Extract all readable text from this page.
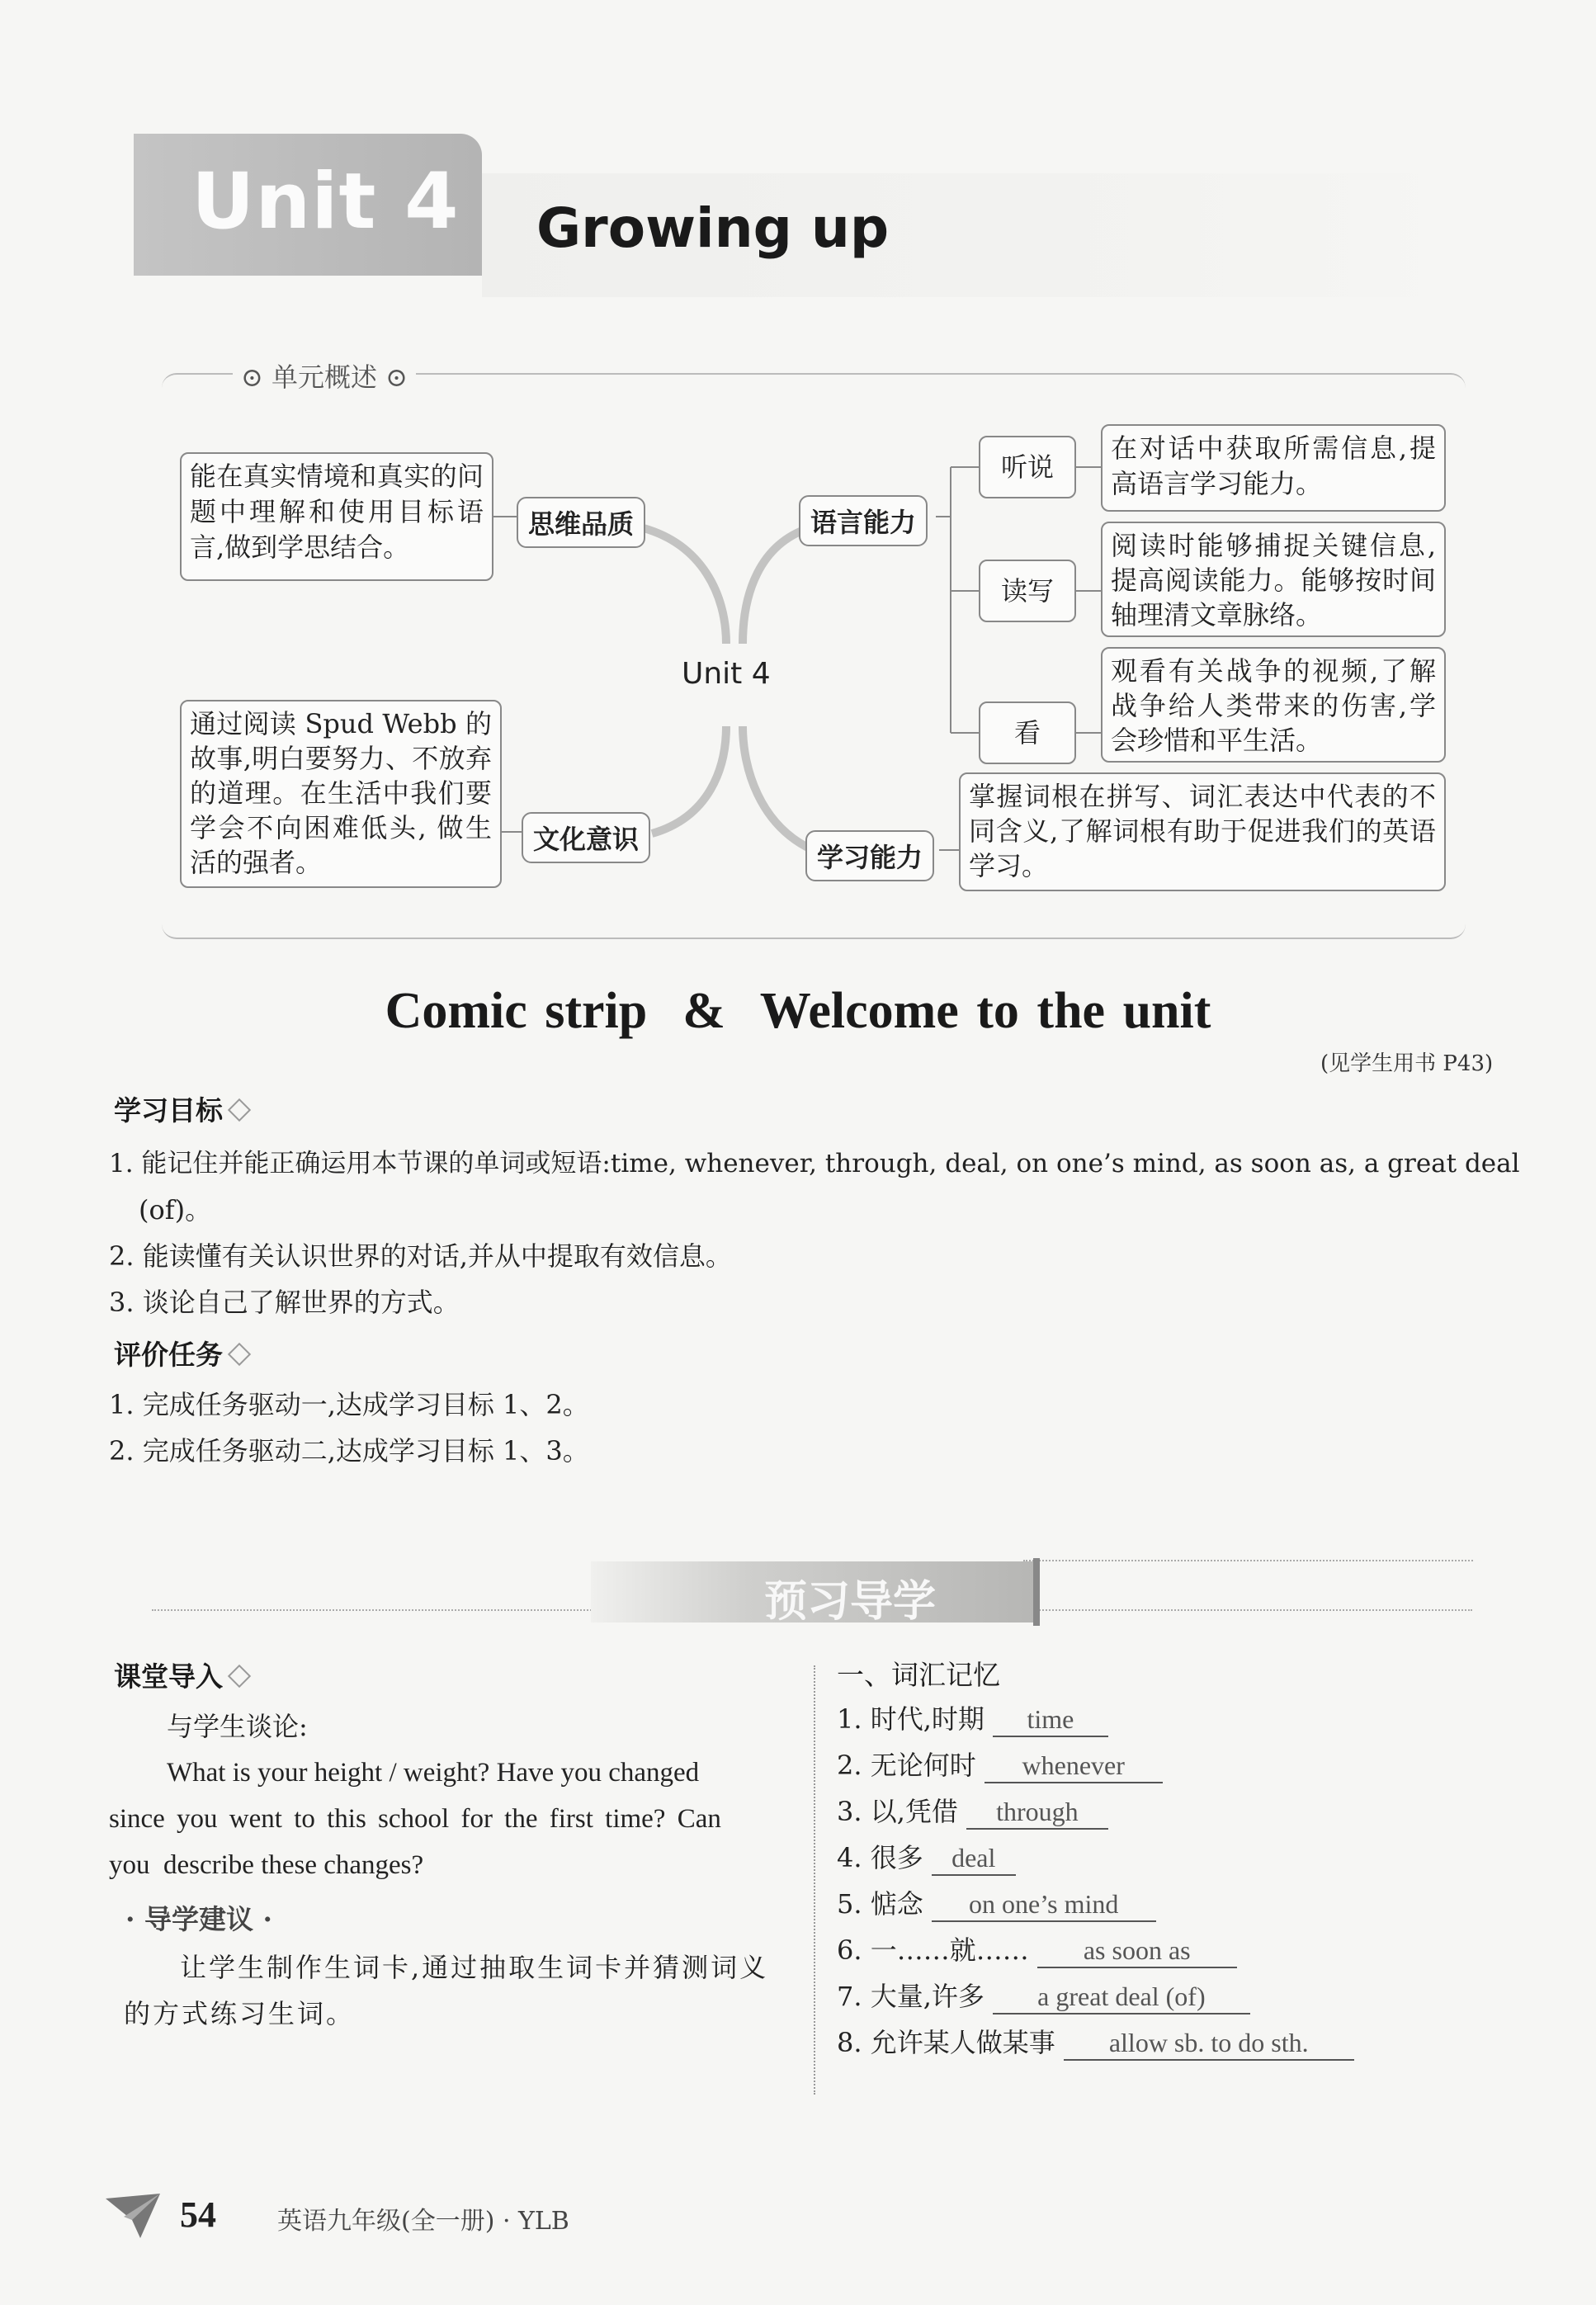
Unit 4 Growing up
⊙ 单元概述 ⊙
能在真实情境和真实的问题中理解和使用目标语言,做到学思结合。
思维品质
通过阅读 Spud Webb 的故事,明白要努力、不放弃的道理。在生活中我们要学会不向困难低头, 做生活的强者。
文化意识
Unit 4
语言能力
听说
在对话中获取所需信息,提高语言学习能力。
读写
阅读时能够捕捉关键信息,提高阅读能力。能够按时间轴理清文章脉络。
看
观看有关战争的视频,了解战争给人类带来的伤害,学会珍惜和平生活。
学习能力
掌握词根在拼写、词汇表达中代表的不同含义,了解词根有助于促进我们的英语学习。
Comic strip  &  Welcome to the unit
(见学生用书 P43)
学习目标
1. 能记住并能正确运用本节课的单词或短语:time, whenever, through, deal, on one’s mind, as soon as, a great deal
(of)。
2. 能读懂有关认识世界的对话,并从中提取有效信息。
3. 谈论自己了解世界的方式。
评价任务
1. 完成任务驱动一,达成学习目标 1、2。
2. 完成任务驱动二,达成学习目标 1、3。
预习导学
课堂导入
与学生谈论:
What is your height / weight? Have you changed
since you went to this school for the first time? Can
you  describe these changes?
· 导学建议 ·
让学生制作生词卡,通过抽取生词卡并猜测词义
的方式练习生词。
一、词汇记忆
1. 时代,时期 time
2. 无论何时 whenever
3. 以,凭借 through
4. 很多 deal
5. 惦念 on one’s mind
6. 一……就…… as soon as
7. 大量,许多 a great deal (of)
8. 允许某人做某事 allow sb. to do sth.
54 英语九年级(全一册) · YLB
